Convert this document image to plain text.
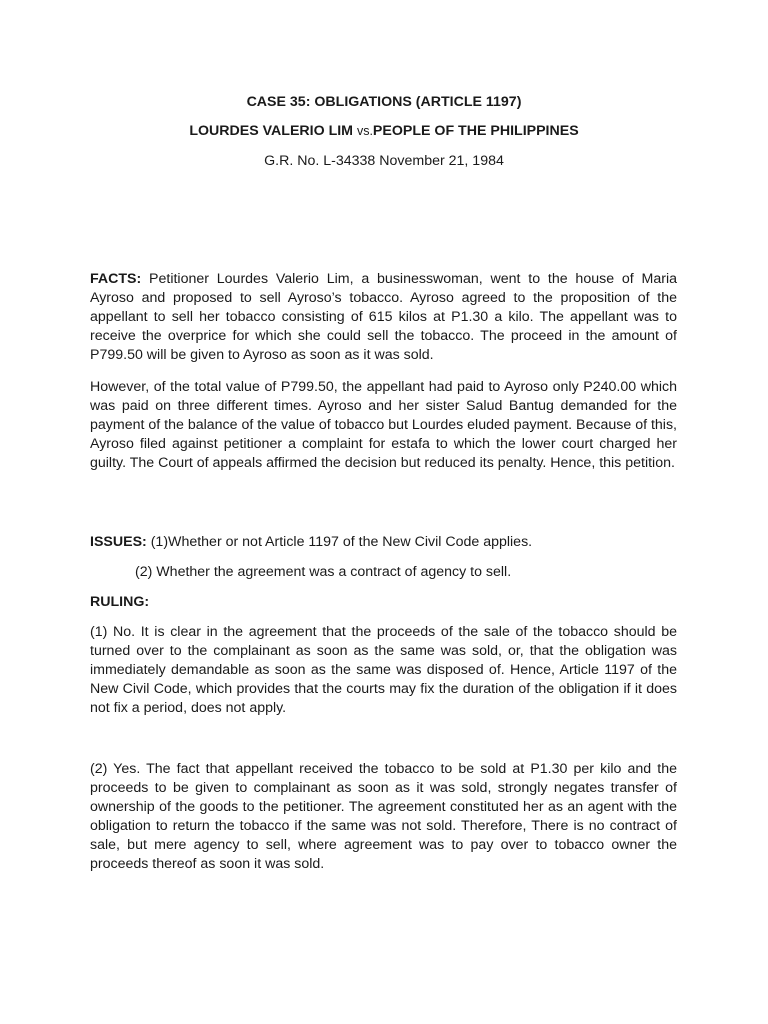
CASE 35: OBLIGATIONS (ARTICLE 1197)
LOURDES VALERIO LIM vs.PEOPLE OF THE PHILIPPINES
G.R. No. L-34338 November 21, 1984

FACTS: Petitioner Lourdes Valerio Lim, a businesswoman, went to the house of Maria Ayroso and proposed to sell Ayroso’s tobacco. Ayroso agreed to the proposition of the appellant to sell her tobacco consisting of 615 kilos at P1.30 a kilo. The appellant was to receive the overprice for which she could sell the tobacco. The proceed in the amount of P799.50 will be given to Ayroso as soon as it was sold.

However, of the total value of P799.50, the appellant had paid to Ayroso only P240.00 which was paid on three different times. Ayroso and her sister Salud Bantug demanded for the payment of the balance of the value of tobacco but Lourdes eluded payment. Because of this, Ayroso filed against petitioner a complaint for estafa to which the lower court charged her guilty. The Court of appeals affirmed the decision but reduced its penalty. Hence, this petition.

ISSUES: (1)Whether or not Article 1197 of the New Civil Code applies.

(2) Whether the agreement was a contract of agency to sell.

RULING:

(1) No. It is clear in the agreement that the proceeds of the sale of the tobacco should be turned over to the complainant as soon as the same was sold, or, that the obligation was immediately demandable as soon as the same was disposed of. Hence, Article 1197 of the New Civil Code, which provides that the courts may fix the duration of the obligation if it does not fix a period, does not apply.

(2) Yes. The fact that appellant received the tobacco to be sold at P1.30 per kilo and the proceeds to be given to complainant as soon as it was sold, strongly negates transfer of ownership of the goods to the petitioner. The agreement constituted her as an agent with the obligation to return the tobacco if the same was not sold. Therefore, There is no contract of sale, but mere agency to sell, where agreement was to pay over to tobacco owner the proceeds thereof as soon it was sold.
